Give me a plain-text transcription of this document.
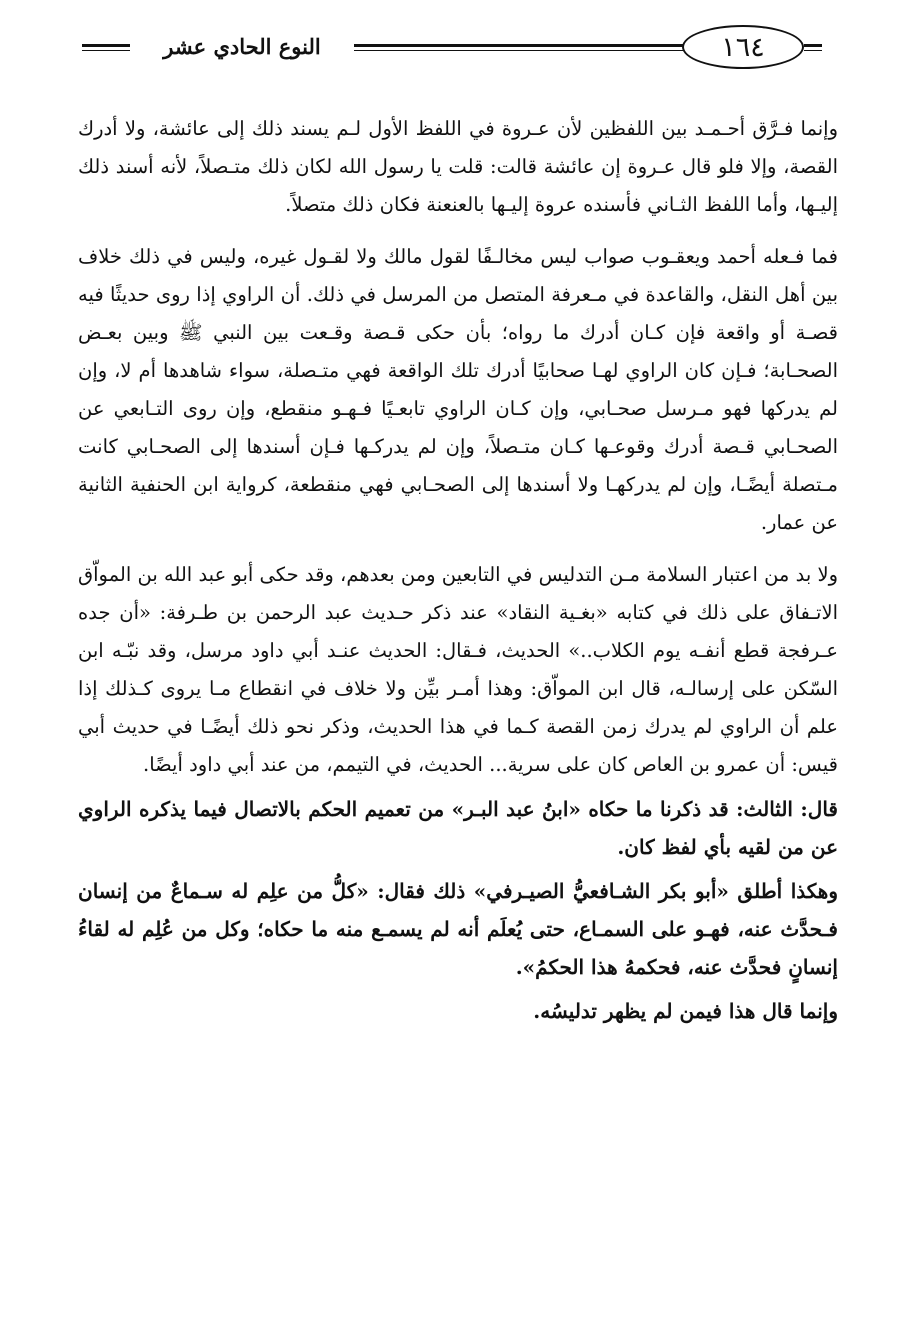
النوع الحادي عشر	١٦٤

وإنما فـرَّق أحـمـد بين اللفظين لأن عـروة في اللفظ الأول لـم يسند ذلك إلى عائشة، ولا أدرك القصة، وإلا فلو قال عـروة إن عائشة قالت: قلت يا رسول الله لكان ذلك متـصلاً، لأنه أسند ذلك إليـها، وأما اللفظ الثـاني فأسنده عروة إليـها بالعنعنة فكان ذلك متصلاً.

فما فـعله أحمد ويعقـوب صواب ليس مخالـفًا لقول مالك ولا لقـول غيره، وليس في ذلك خلاف بين أهل النقل، والقاعدة في مـعرفة المتصل من المرسل في ذلك. أن الراوي إذا روى حديثًا فيه قصـة أو واقعة فإن كـان أدرك ما رواه؛ بأن حكى قـصة وقـعت بين النبي ﷺ وبين بعـض الصحـابة؛ فـإن كان الراوي لهـا صحابيًا أدرك تلك الواقعة فهي متـصلة، سواء شاهدها أم لا، وإن لم يدركها فهو مـرسل صحـابي، وإن كـان الراوي تابعـيًا فـهـو منقطع، وإن روى التـابعي عن الصحـابي قـصة أدرك وقوعـها كـان متـصلاً، وإن لم يدركـها فـإن أسندها إلى الصحـابي كانت مـتصلة أيضًـا، وإن لم يدركهـا ولا أسندها إلى الصحـابي فهي منقطعة، كرواية ابن الحنفية الثانية عن عمار.

ولا بد من اعتبار السلامة مـن التدليس في التابعين ومن بعدهم، وقد حكى أبو عبد الله بن المواّق الاتـفاق على ذلك في كتابه «بغـية النقاد» عند ذكر حـديث عبد الرحمن بن طـرفة: «أن جده عـرفجة قطع أنفـه يوم الكلاب..» الحديث، فـقال: الحديث عنـد أبي داود مرسل، وقد نبّـه ابن السّكن على إرسالـه، قال ابن المواّق: وهذا أمـر بيِّن ولا خلاف في انقطاع مـا يروى كـذلك إذا علم أن الراوي لم يدرك زمن القصة كـما في هذا الحديث، وذكر نحو ذلك أيضًـا في حديث أبي قيس: أن عمرو بن العاص كان على سرية... الحديث، في التيمم، من عند أبي داود أيضًا.

قال: الثالث: قد ذكرنا ما حكاه «ابنُ عبد البـر» من تعميم الحكم بالاتصال فيما يذكره الراوي عن من لقيه بأي لفظ كان.

وهكذا أطلق «أبو بكر الشـافعيُّ الصيـرفي» ذلك فقال: «كلُّ من علِم له سـماعٌ من إنسان فـحدَّث عنه، فهـو على السمـاع، حتى يُعلَم أنه لم يسمـع منه ما حكاه؛ وكل من عُلِم له لقاءُ إنسانٍ فحدَّث عنه، فحكمهُ هذا الحكمُ».

وإنما قال هذا فيمن لم يظهر تدليسُه.
